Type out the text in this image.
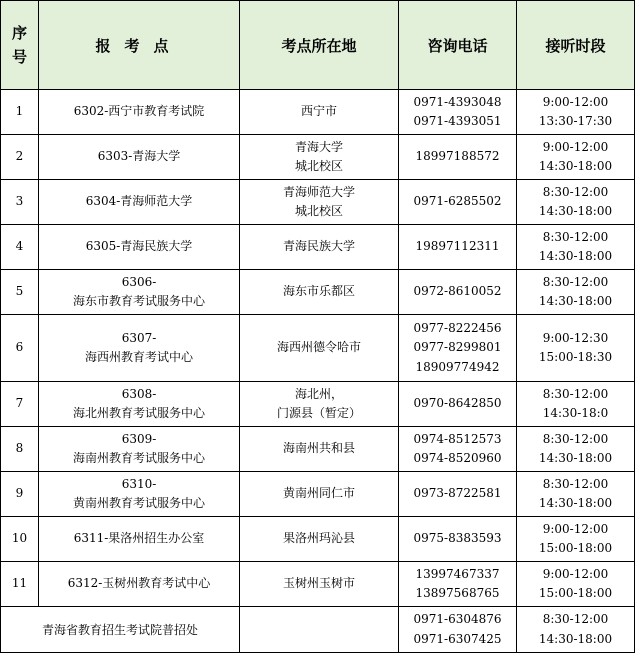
序
号	报考点	考点所在地	咨询电话	接听时段
1	6302-西宁市教育考试院	西宁市	0971-4393048
0971-4393051	9:00-12:00
13:30-17:30

2	6303-青海大学	青海大学
城北校区	18997188572	9:00-12:00
14:30-18:00

3	6304-青海师范大学	青海师范大学
城北校区	0971-6285502	8:30-12:00
14:30-18:00

4	6305-青海民族大学	青海民族大学	19897112311	8:30-12:00
14:30-18:00

5	6306-
海东市教育考试服务中心	海东市乐都区	0972-8610052	8:30-12:00
14:30-18:00

6	6307-
海西州教育考试中心	海西州德令哈市	0977-8222456
0977-8299801
18909774942	9:00-12:30
15:00-18:30

7	6308-
海北州教育考试服务中心	海北州，
门源县（暂定）	0970-8642850	8:30-12:00
14:30-18:0

8	6309-
海南州教育考试服务中心	海南州共和县	0974-8512573
0974-8520960	8:30-12:00
14:30-18:00

9	6310-
黄南州教育考试服务中心	黄南州同仁市	0973-8722581	8:30-12:00
14:30-18:00

10	6311-果洛州招生办公室	果洛州玛沁县	0975-8383593	9:00-12:00
15:00-18:00

11	6312-玉树州教育考试中心	玉树州玉树市	13997467337
13897568765	9:00-12:00
15:00-18:00

青海省教育招生考试院普招处			0971-6304876
0971-6307425	8:30-12:00
14:30-18:00
